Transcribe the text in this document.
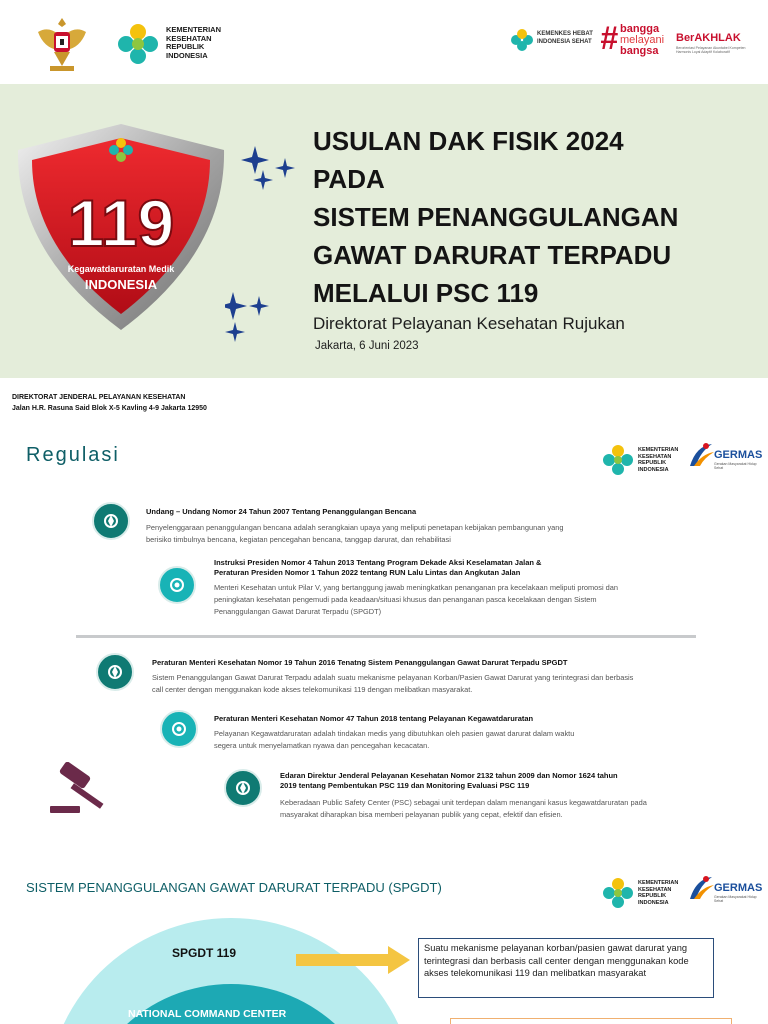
KEMENTERIAN
KESEHATAN
REPUBLIK
INDONESIA
KEMENKES HEBAT
INDONESIA SEHAT # bangga
melayani
bangsa
BerAKHLAK
Berorientasi Pelayanan Akuntabel Kompeten Harmonis Loyal Adaptif Kolaboratif
119
Kegawatdaruratan Medik
INDONESIA
USULAN DAK FISIK 2024
PADA
SISTEM PENANGGULANGAN
GAWAT DARURAT TERPADU
MELALUI PSC 119
Direktorat Pelayanan Kesehatan Rujukan
Jakarta, 6 Juni 2023
DIREKTORAT JENDERAL PELAYANAN KESEHATAN
Jalan H.R. Rasuna Said Blok X-5 Kavling 4-9 Jakarta 12950
Regulasi	KEMENTERIAN
KESEHATAN
REPUBLIK
INDONESIA
GERMAS
Gerakan Masyarakat Hidup Sehat
Undang – Undang Nomor 24 Tahun 2007 Tentang Penanggulangan Bencana
Penyelenggaraan penanggulangan bencana adalah serangkaian upaya yang meliputi penetapan kebijakan pembangunan yang
berisiko timbulnya bencana, kegiatan pencegahan bencana, tanggap darurat, dan rehabilitasi
Instruksi Presiden Nomor 4 Tahun 2013 Tentang Program Dekade Aksi Keselamatan Jalan &
Peraturan Presiden Nomor 1 Tahun 2022 tentang RUN Lalu Lintas dan Angkutan Jalan
Menteri Kesehatan untuk Pilar V, yang bertanggung jawab meningkatkan penanganan pra kecelakaan meliputi promosi dan
peningkatan kesehatan pengemudi pada keadaan/situasi khusus dan penanganan pasca kecelakaan dengan Sistem
Penanggulangan Gawat Darurat Terpadu (SPGDT)
Peraturan Menteri Kesehatan Nomor 19 Tahun 2016 Tenatng Sistem Penanggulangan Gawat Darurat Terpadu SPGDT
Sistem Penanggulangan Gawat Darurat Terpadu adalah suatu mekanisme pelayanan Korban/Pasien Gawat Darurat yang terintegrasi dan berbasis
call center dengan menggunakan kode akses telekomunikasi 119 dengan melibatkan masyarakat.
Peraturan Menteri Kesehatan Nomor 47 Tahun 2018 tentang Pelayanan Kegawatdaruratan
Pelayanan Kegawatdaruratan adalah tindakan medis yang dibutuhkan oleh pasien gawat darurat dalam waktu
segera untuk menyelamatkan nyawa dan pencegahan kecacatan.
Edaran Direktur Jenderal Pelayanan Kesehatan Nomor 2132 tahun 2009 dan Nomor 1624 tahun
2019 tentang Pembentukan PSC 119 dan Monitoring Evaluasi PSC 119
Keberadaan Public Safety Center (PSC) sebagai unit terdepan dalam menangani kasus kegawatdaruratan pada
masyarakat diharapkan bisa memberi pelayanan publik yang cepat, efektif dan efisien.
SISTEM PENANGGULANGAN GAWAT DARURAT TERPADU (SPGDT)	KEMENTERIAN
KESEHATAN
REPUBLIK
INDONESIA
GERMAS
Gerakan Masyarakat Hidup Sehat
SPGDT 119
NATIONAL COMMAND CENTER
Suatu mekanisme pelayanan korban/pasien gawat darurat yang terintegrasi dan berbasis call center dengan menggunakan kode akses telekomunikasi 119 dan melibatkan masyarakat
